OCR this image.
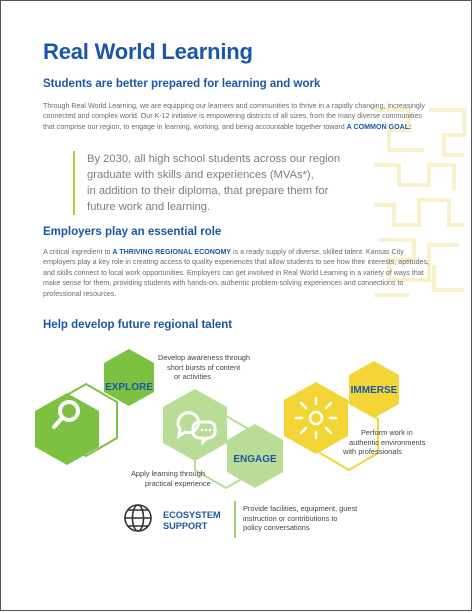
Real World Learning
Students are better prepared for learning and work

Through Real World Learning, we are equipping our learners and communities to thrive in a rapidly changing, increasingly connected and complex world. Our K-12 initiative is empowering districts of all sizes, from the many diverse communities that comprise our region, to engage in learning, working, and being accountable together toward A COMMON GOAL:

By 2030, all high school students across our region
graduate with skills and experiences (MVAs*),
in addition to their diploma, that prepare them for
future work and learning.
Employers play an essential role

A critical ingredient to A THRIVING REGIONAL ECONOMY is a ready supply of diverse, skilled talent. Kansas City employers play a key role in creating access to quality experiences that allow students to see how their interests, aptitudes, and skills connect to local work opportunities. Employers can get involved in Real World Learning in a variety of ways that make sense for them, providing students with hands-on, authentic problem-solving experiences and connections to professional resources.

Help develop future regional talent
EXPLORE
ENGAGE
IMMERSE
Develop awareness through
short bursts of content
or activities
Perform work in
authentic environments
with professionals
Apply learning through
practical experience
ECOSYSTEM
SUPPORT
Provide facilities, equipment, guest
instruction or contributions to
policy conversations
